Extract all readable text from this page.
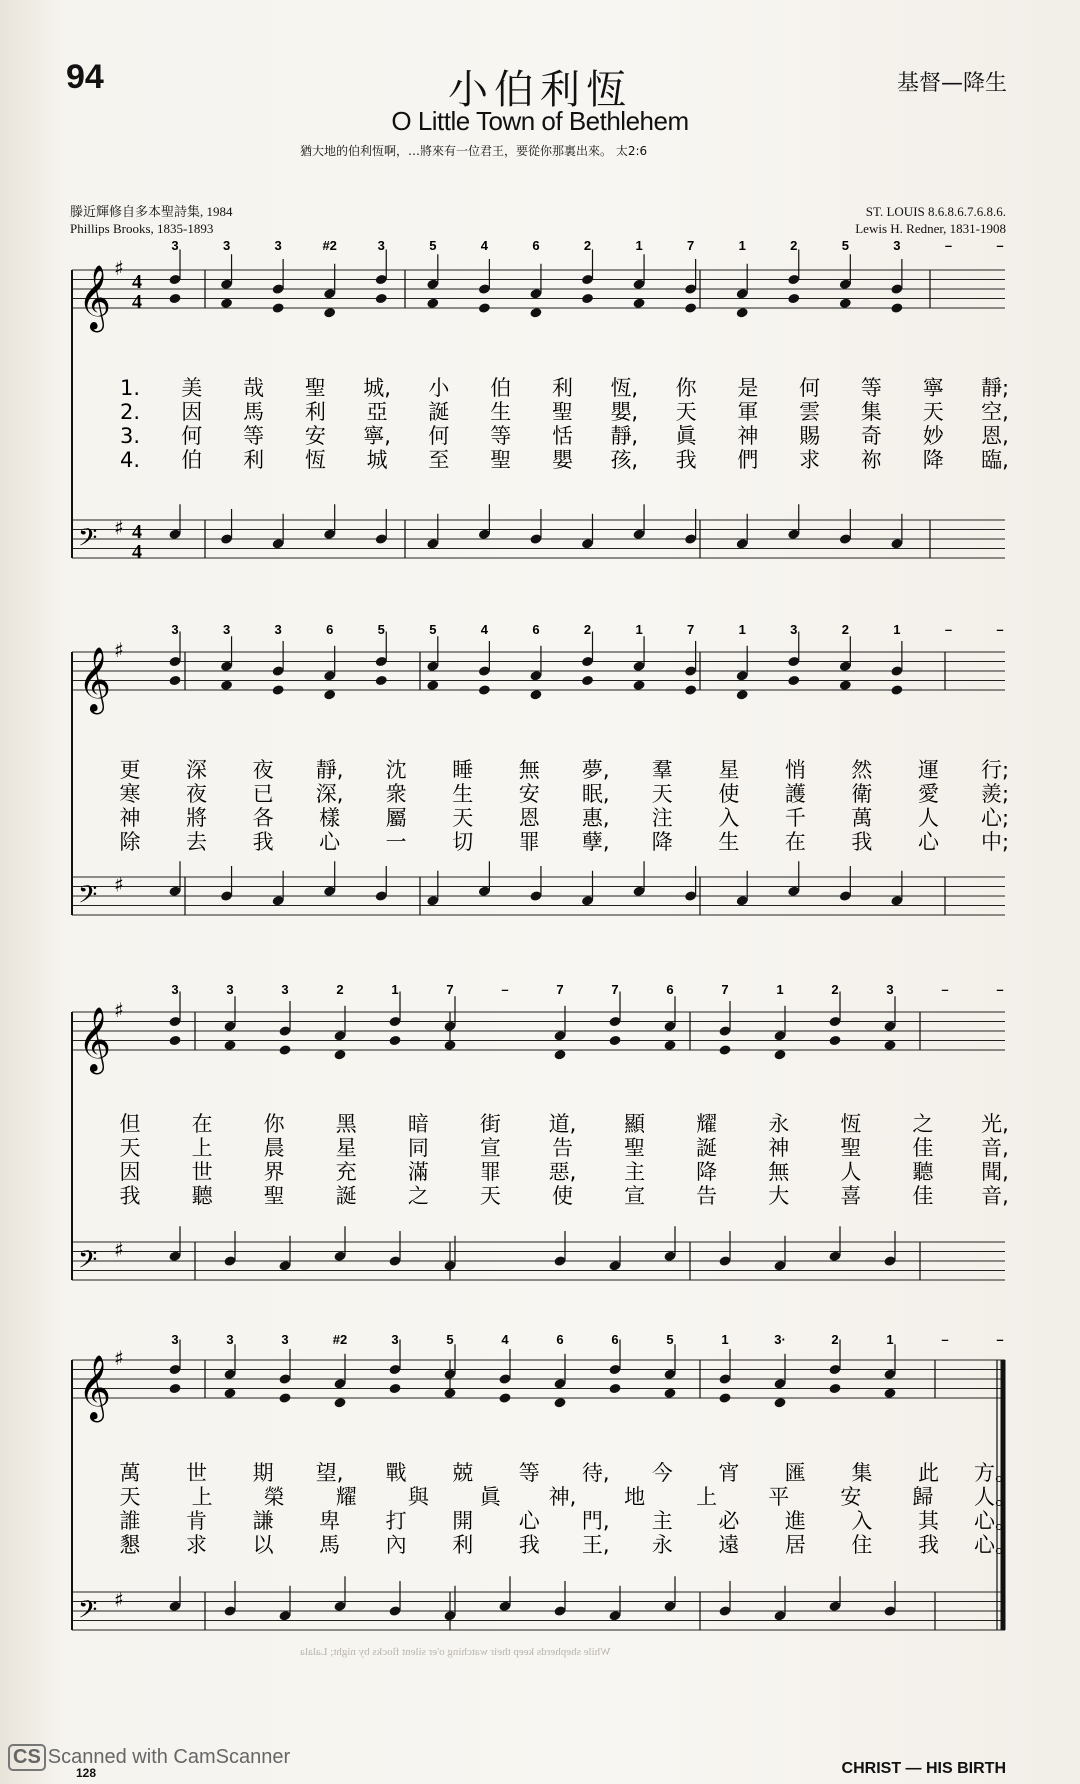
94	小伯利恆
O Little Town of Bethlehem
基督—降生
猶大地的伯利恆啊，…將來有一位君王，要從你那裏出來。 太2:6
滕近輝修自多本聖詩集, 1984
Phillips Brooks, 1835-1893
ST. LOUIS 8.6.8.6.7.6.8.6.
Lewis H. Redner, 1831-1908
𝄞
𝄢
♯
♯
4
4
4
4
3	3	3	#2	3	5	4	6	2	1	7	1	2	5	3	–	–
1. 美 哉 聖 城, 小 伯 利 恆, 你 是 何 等 寧 靜;
2. 因 馬 利 亞 誕 生 聖 嬰, 天 軍 雲 集 天 空,
3. 何 等 安 寧, 何 等 恬 靜, 眞 神 賜 奇 妙 恩,
4. 伯 利 恆 城 至 聖 嬰 孩, 我 們 求 祢 降 臨,
𝄞
𝄢
♯
♯
3	3	3	6	5	5	4	6	2	1	7	1	3	2	1	–	–
更 深 夜 靜, 沈 睡 無 夢, 羣 星 悄 然 運 行;
寒 夜 已 深, 衆 生 安 眠, 天 使 護 衛 愛 羨;
神 將 各 樣 屬 天 恩 惠, 注 入 千 萬 人 心;
除 去 我 心 一 切 罪 孽, 降 生 在 我 心 中;
𝄞
𝄢
♯
♯
3	3	3	2	1	7	–	7	7	6	7	1	2	3	–	–
但 在 你 黑 暗 街 道, 顯 耀 永 恆 之 光,
天 上 晨 星 同 宣 告 聖 誕 神 聖 佳 音,
因 世 界 充 滿 罪 惡, 主 降 無 人 聽 聞,
我 聽 聖 誕 之 天 使 宣 告 大 喜 佳 音,
𝄞
𝄢
♯
♯
3	3	3	#2	3	5	4	6	6	5	1	3·	2	1	–	–
萬 世 期 望, 戰 兢 等 待, 今 宵 匯 集 此 方。
天 上 榮 耀 與 眞 神, 地 上 平 安 歸 人。
誰 肯 謙 卑 打 開 心 門, 主 必 進 入 其 心。
懇 求 以 馬 內 利 我 王, 永 遠 居 住 我 心。
While shepherds keep their watching o'er silent flocks by night; Lalala
CS Scanned with CamScanner
128	CHRIST — HIS BIRTH
